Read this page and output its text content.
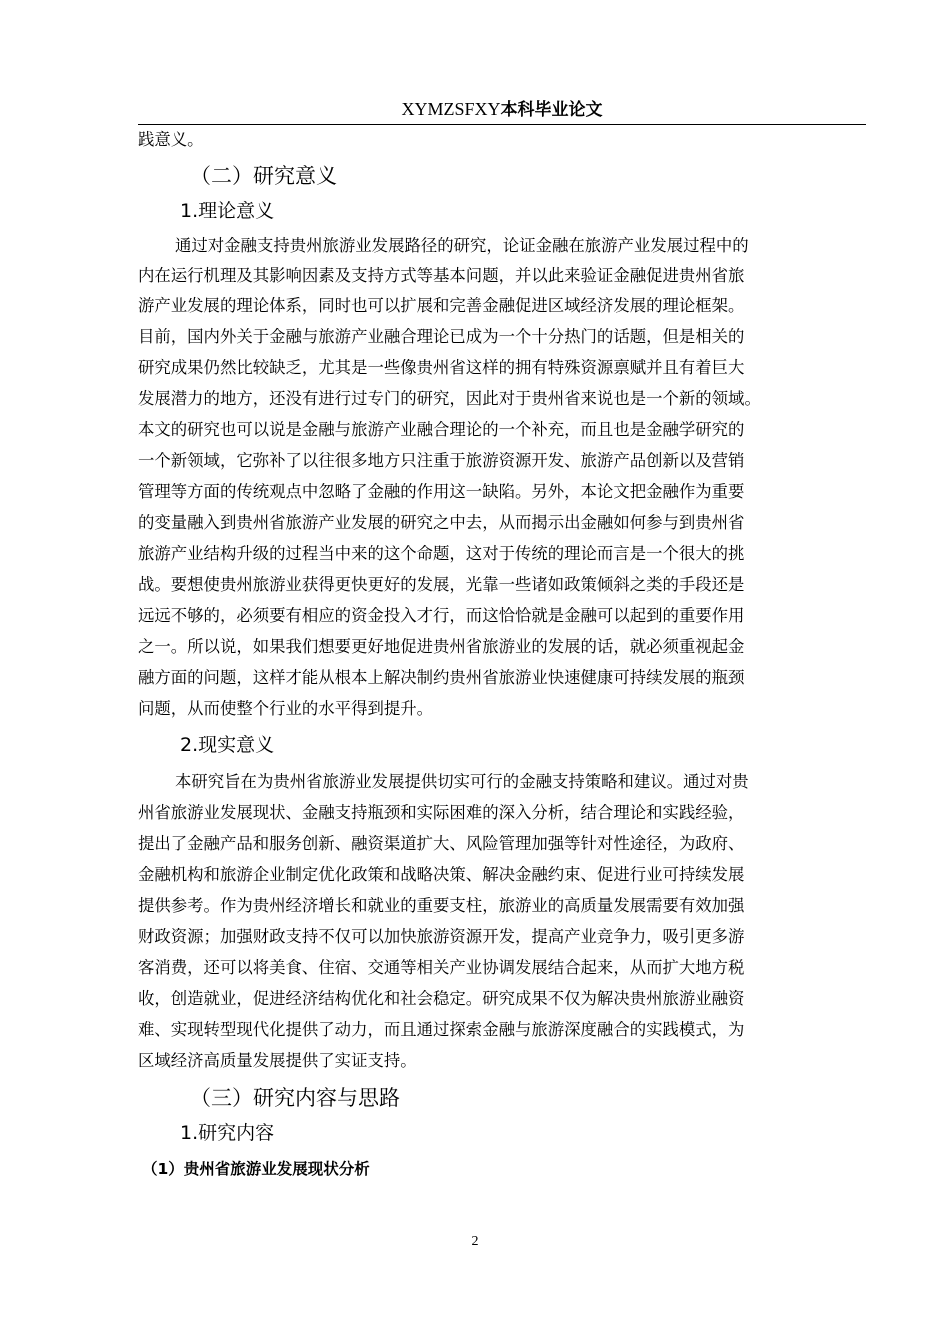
XYMZSFXY本科毕业论文
践意义。
（二）研究意义
1.理论意义
通过对金融支持贵州旅游业发展路径的研究，论证金融在旅游产业发展过程中的
内在运行机理及其影响因素及支持方式等基本问题，并以此来验证金融促进贵州省旅
游产业发展的理论体系，同时也可以扩展和完善金融促进区域经济发展的理论框架。
目前，国内外关于金融与旅游产业融合理论已成为一个十分热门的话题，但是相关的
研究成果仍然比较缺乏，尤其是一些像贵州省这样的拥有特殊资源禀赋并且有着巨大
发展潜力的地方，还没有进行过专门的研究，因此对于贵州省来说也是一个新的领域。
本文的研究也可以说是金融与旅游产业融合理论的一个补充，而且也是金融学研究的
一个新领域，它弥补了以往很多地方只注重于旅游资源开发、旅游产品创新以及营销
管理等方面的传统观点中忽略了金融的作用这一缺陷。另外，本论文把金融作为重要
的变量融入到贵州省旅游产业发展的研究之中去，从而揭示出金融如何参与到贵州省
旅游产业结构升级的过程当中来的这个命题，这对于传统的理论而言是一个很大的挑
战。要想使贵州旅游业获得更快更好的发展，光靠一些诸如政策倾斜之类的手段还是
远远不够的，必须要有相应的资金投入才行，而这恰恰就是金融可以起到的重要作用
之一。所以说，如果我们想要更好地促进贵州省旅游业的发展的话，就必须重视起金
融方面的问题，这样才能从根本上解决制约贵州省旅游业快速健康可持续发展的瓶颈
问题，从而使整个行业的水平得到提升。
2.现实意义
本研究旨在为贵州省旅游业发展提供切实可行的金融支持策略和建议。通过对贵
州省旅游业发展现状、金融支持瓶颈和实际困难的深入分析，结合理论和实践经验，
提出了金融产品和服务创新、融资渠道扩大、风险管理加强等针对性途径，为政府、
金融机构和旅游企业制定优化政策和战略决策、解决金融约束、促进行业可持续发展
提供参考。作为贵州经济增长和就业的重要支柱，旅游业的高质量发展需要有效加强
财政资源；加强财政支持不仅可以加快旅游资源开发，提高产业竞争力，吸引更多游
客消费，还可以将美食、住宿、交通等相关产业协调发展结合起来，从而扩大地方税
收，创造就业，促进经济结构优化和社会稳定。研究成果不仅为解决贵州旅游业融资
难、实现转型现代化提供了动力，而且通过探索金融与旅游深度融合的实践模式，为
区域经济高质量发展提供了实证支持。
（三）研究内容与思路
1.研究内容
（1）贵州省旅游业发展现状分析
2
